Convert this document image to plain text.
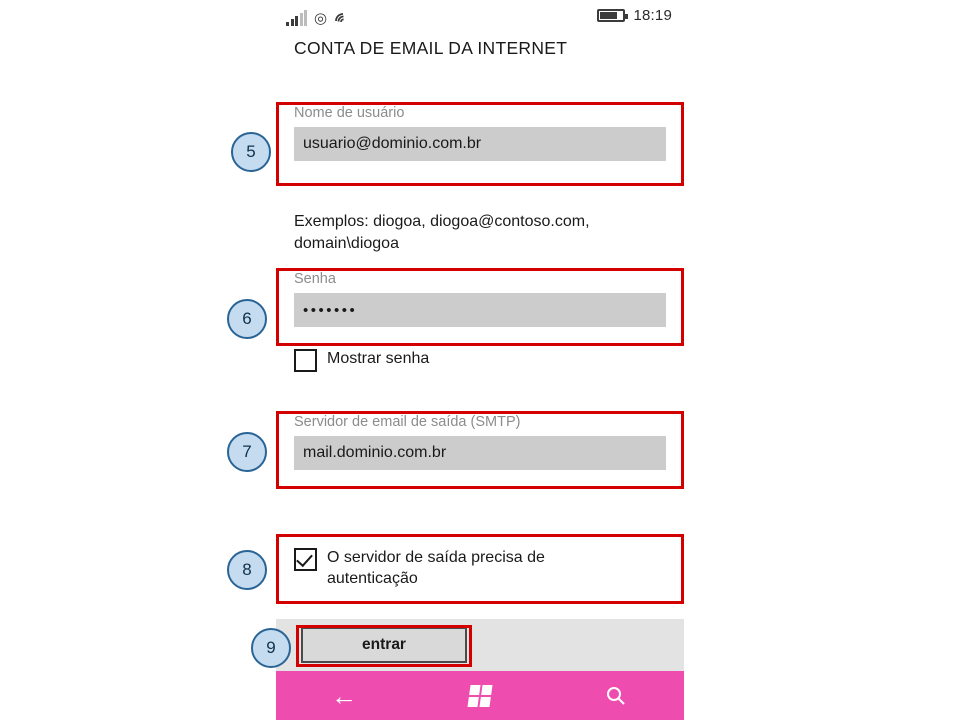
◎	18:19
CONTA DE EMAIL DA INTERNET
Nome de usuário
usuario@dominio.com.br
Exemplos: diogoa, diogoa@contoso.com, domain\diogoa
Senha
•••••••
Mostrar senha
Servidor de email de saída (SMTP)
mail.dominio.com.br
O servidor de saída precisa de autenticação
entrar
←
5
6
7
8
9
